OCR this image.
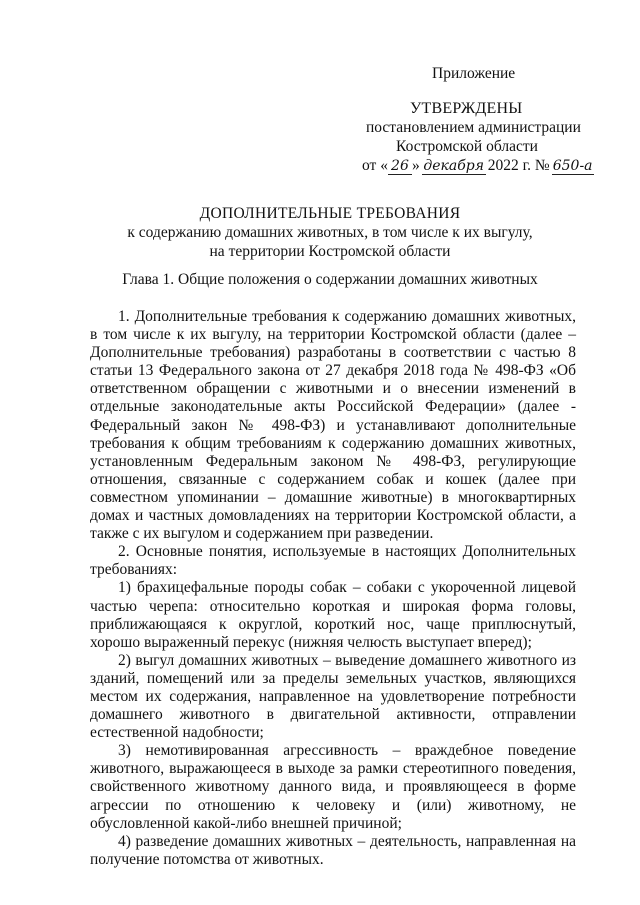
Приложение
УТВЕРЖДЕНЫ
постановлением администрации
Костромской области
от « 26 » декабря 2022 г. № 650-а
ДОПОЛНИТЕЛЬНЫЕ ТРЕБОВАНИЯ
к содержанию домашних животных, в том числе к их выгулу,
на территории Костромской области
Глава 1. Общие положения о содержании домашних животных

1. Дополнительные требования к содержанию домашних животных, в том числе к их выгулу, на территории Костромской области (далее – Дополнительные требования) разработаны в соответствии с частью 8 статьи 13 Федерального закона от 27 декабря 2018 года № 498-ФЗ «Об ответственном обращении с животными и о внесении изменений в отдельные законодательные акты Российской Федерации» (далее - Федеральный закон № 498-ФЗ) и устанавливают дополнительные требования к общим требованиям к содержанию домашних животных, установленным Федеральным законом № 498-ФЗ, регулирующие отношения, связанные с содержанием собак и кошек (далее при совместном упоминании – домашние животные) в многоквартирных домах и частных домовладениях на территории Костромской области, а также с их выгулом и содержанием при разведении.

2. Основные понятия, используемые в настоящих Дополнительных требованиях:

1) брахицефальные породы собак – собаки с укороченной лицевой частью черепа: относительно короткая и широкая форма головы, приближающаяся к округлой, короткий нос, чаще приплюснутый, хорошо выраженный перекус (нижняя челюсть выступает вперед);

2) выгул домашних животных – выведение домашнего животного из зданий, помещений или за пределы земельных участков, являющихся местом их содержания, направленное на удовлетворение потребности домашнего животного в двигательной активности, отправлении естественной надобности;

3) немотивированная агрессивность – враждебное поведение животного, выражающееся в выходе за рамки стереотипного поведения, свойственного животному данного вида, и проявляющееся в форме агрессии по отношению к человеку и (или) животному, не обусловленной какой-либо внешней причиной;

4) разведение домашних животных – деятельность, направленная на получение потомства от животных.
